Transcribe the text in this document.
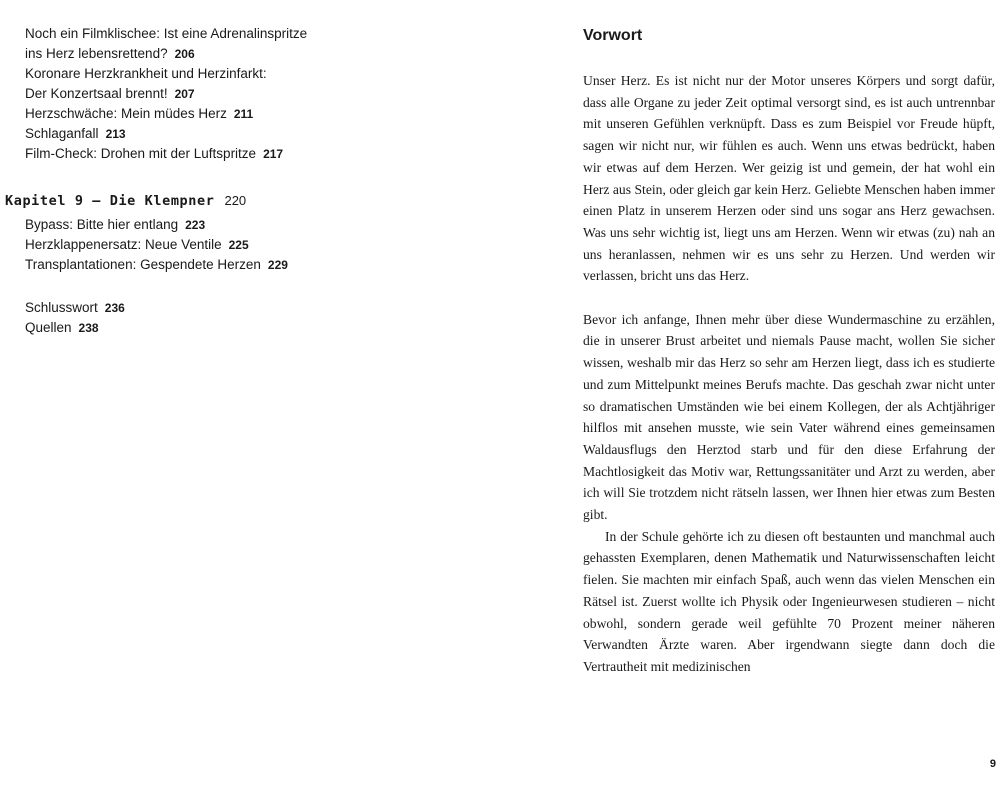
Noch ein Filmklischee: Ist eine Adrenalinspritze
ins Herz lebensrettend? 206
Koronare Herzkrankheit und Herzinfarkt:
Der Konzertsaal brennt! 207
Herzschwäche: Mein müdes Herz 211
Schlaganfall 213
Film-Check: Drohen mit der Luftspritze 217
Kapitel 9 – Die Klempner 220
Bypass: Bitte hier entlang 223
Herzklappenersatz: Neue Ventile 225
Transplantationen: Gespendete Herzen 229
Schlusswort 236
Quellen 238
Vorwort

Unser Herz. Es ist nicht nur der Motor unseres Körpers und sorgt dafür, dass alle Organe zu jeder Zeit optimal versorgt sind, es ist auch untrennbar mit unseren Gefühlen verknüpft. Dass es zum Beispiel vor Freude hüpft, sagen wir nicht nur, wir fühlen es auch. Wenn uns etwas bedrückt, haben wir etwas auf dem Herzen. Wer geizig ist und gemein, der hat wohl ein Herz aus Stein, oder gleich gar kein Herz. Geliebte Menschen haben immer einen Platz in unserem Herzen oder sind uns sogar ans Herz gewachsen. Was uns sehr wichtig ist, liegt uns am Herzen. Wenn wir etwas (zu) nah an uns heranlassen, nehmen wir es uns sehr zu Herzen. Und werden wir verlassen, bricht uns das Herz.

Bevor ich anfange, Ihnen mehr über diese Wundermaschine zu erzählen, die in unserer Brust arbeitet und niemals Pause macht, wollen Sie sicher wissen, weshalb mir das Herz so sehr am Herzen liegt, dass ich es studierte und zum Mittelpunkt meines Berufs machte. Das geschah zwar nicht unter so dramatischen Umständen wie bei einem Kollegen, der als Achtjähriger hilflos mit ansehen musste, wie sein Vater während eines gemeinsamen Waldausflugs den Herztod starb und für den diese Erfahrung der Machtlosigkeit das Motiv war, Rettungssanitäter und Arzt zu werden, aber ich will Sie trotzdem nicht rätseln lassen, wer Ihnen hier etwas zum Besten gibt.

In der Schule gehörte ich zu diesen oft bestaunten und manchmal auch gehassten Exemplaren, denen Mathematik und Naturwissenschaften leicht fielen. Sie machten mir einfach Spaß, auch wenn das vielen Menschen ein Rätsel ist. Zuerst wollte ich Physik oder Ingenieurwesen studieren – nicht obwohl, sondern gerade weil gefühlte 70 Prozent meiner näheren Verwandten Ärzte waren. Aber irgendwann siegte dann doch die Vertrautheit mit medizinischen

9
